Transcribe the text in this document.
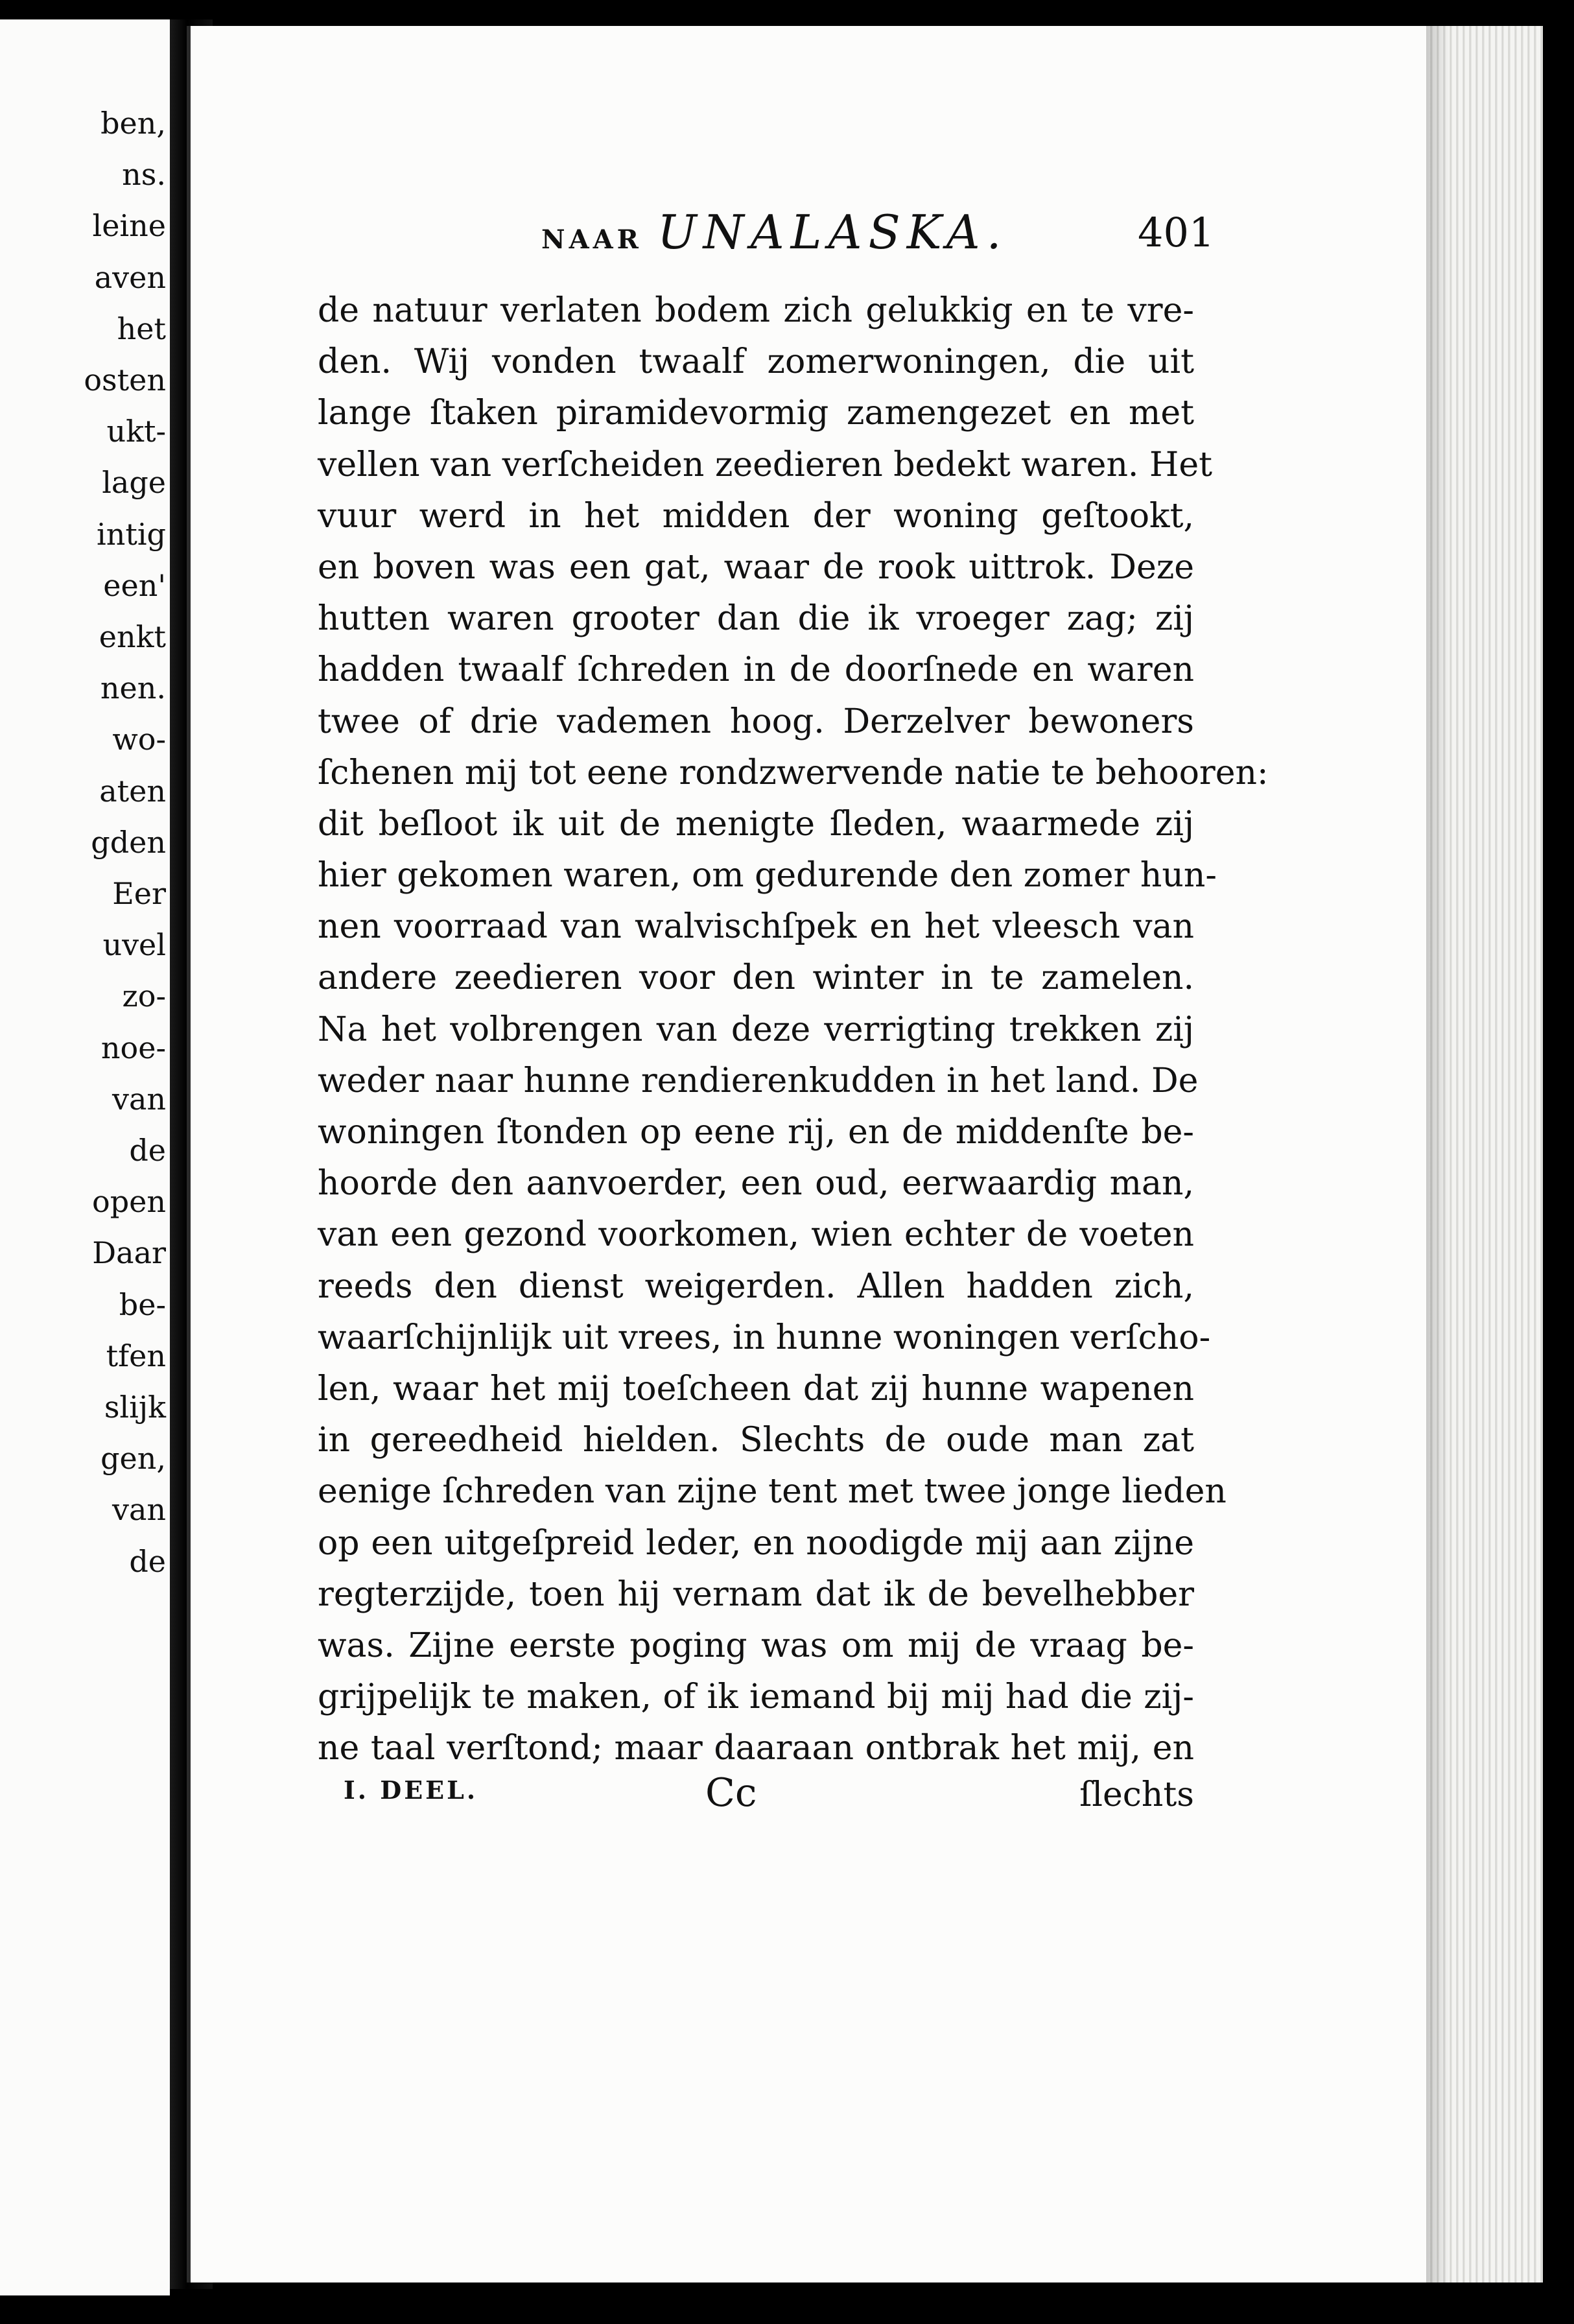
ben,
ns.
leine
aven
het
osten
ukt-
lage
intig
een'
enkt
nen.
wo-
aten
gden
Eer
uvel
zo-
noe-
van
de
open
Daar
be-
tfen
slijk
gen,
van
de
NAAR UNALASKA.	401
de natuur verlaten bodem zich gelukkig en te vre-
den. Wij vonden twaalf zomerwoningen, die uit
lange ſtaken piramidevormig zamengezet en met
vellen van verſcheiden zeedieren bedekt waren. Het
vuur werd in het midden der woning geſtookt,
en boven was een gat, waar de rook uittrok. Deze
hutten waren grooter dan die ik vroeger zag; zij
hadden twaalf ſchreden in de doorſnede en waren
twee of drie vademen hoog. Derzelver bewoners
ſchenen mij tot eene rondzwervende natie te behooren:
dit beſloot ik uit de menigte ſleden, waarmede zij
hier gekomen waren, om gedurende den zomer hun-
nen voorraad van walvischſpek en het vleesch van
andere zeedieren voor den winter in te zamelen.
Na het volbrengen van deze verrigting trekken zij
weder naar hunne rendierenkudden in het land. De
woningen ſtonden op eene rij, en de middenſte be-
hoorde den aanvoerder, een oud, eerwaardig man,
van een gezond voorkomen, wien echter de voeten
reeds den dienst weigerden. Allen hadden zich,
waarſchijnlijk uit vrees, in hunne woningen verſcho-
len, waar het mij toeſcheen dat zij hunne wapenen
in gereedheid hielden. Slechts de oude man zat
eenige ſchreden van zijne tent met twee jonge lieden
op een uitgeſpreid leder, en noodigde mij aan zijne
regterzijde, toen hij vernam dat ik de bevelhebber
was. Zijne eerste poging was om mij de vraag be-
grijpelijk te maken, of ik iemand bij mij had die zij-
ne taal verſtond; maar daaraan ontbrak het mij, en
I. DEEL.	Cc	ſlechts
